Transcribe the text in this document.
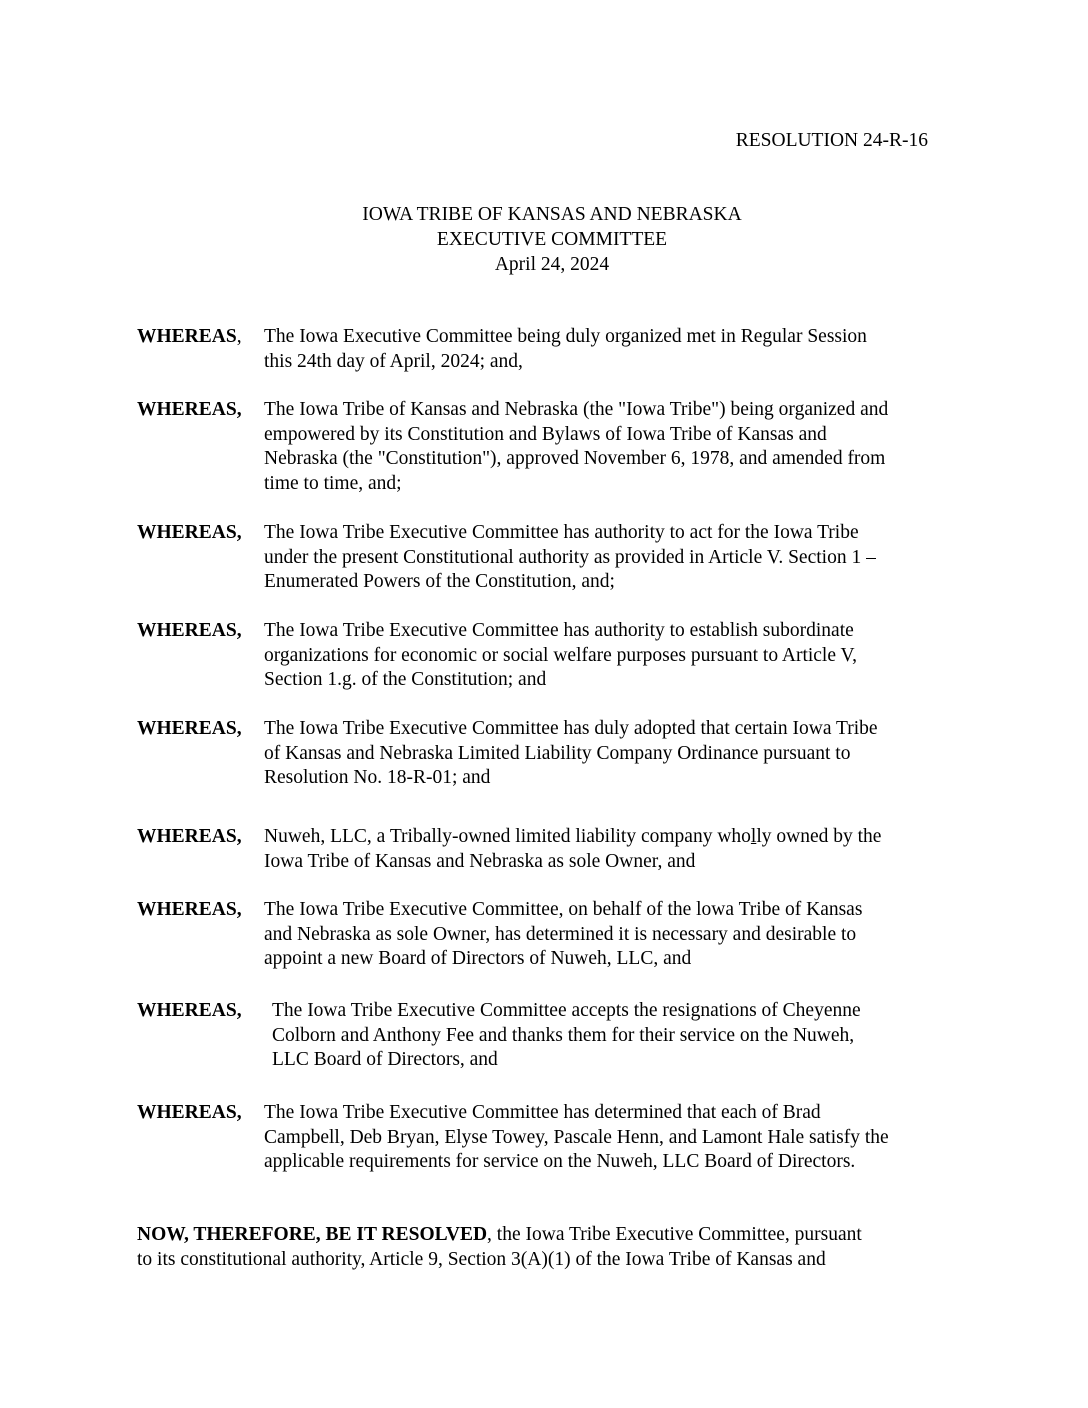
RESOLUTION 24-R-16
IOWA TRIBE OF KANSAS AND NEBRASKA
EXECUTIVE COMMITTEE
April 24, 2024
WHEREAS, The Iowa Executive Committee being duly organized met in Regular Session
this 24th day of April, 2024; and,
WHEREAS, The Iowa Tribe of Kansas and Nebraska (the "Iowa Tribe") being organized and
empowered by its Constitution and Bylaws of Iowa Tribe of Kansas and
Nebraska (the "Constitution"), approved November 6, 1978, and amended from
time to time, and;
WHEREAS, The Iowa Tribe Executive Committee has authority to act for the Iowa Tribe
under the present Constitutional authority as provided in Article V. Section 1 –
Enumerated Powers of the Constitution, and;
WHEREAS, The Iowa Tribe Executive Committee has authority to establish subordinate
organizations for economic or social welfare purposes pursuant to Article V,
Section 1.g. of the Constitution; and
WHEREAS, The Iowa Tribe Executive Committee has duly adopted that certain Iowa Tribe
of Kansas and Nebraska Limited Liability Company Ordinance pursuant to
Resolution No. 18-R-01; and
WHEREAS, Nuweh, LLC, a Tribally-owned limited liability company wholly owned by the
Iowa Tribe of Kansas and Nebraska as sole Owner, and
WHEREAS, The Iowa Tribe Executive Committee, on behalf of the lowa Tribe of Kansas
and Nebraska as sole Owner, has determined it is necessary and desirable to
appoint a new Board of Directors of Nuweh, LLC, and
WHEREAS, The Iowa Tribe Executive Committee accepts the resignations of Cheyenne
Colborn and Anthony Fee and thanks them for their service on the Nuweh,
LLC Board of Directors, and
WHEREAS, The Iowa Tribe Executive Committee has determined that each of Brad
Campbell, Deb Bryan, Elyse Towey, Pascale Henn, and Lamont Hale satisfy the
applicable requirements for service on the Nuweh, LLC Board of Directors.
NOW, THEREFORE, BE IT RESOLVED, the Iowa Tribe Executive Committee, pursuant
to its constitutional authority, Article 9, Section 3(A)(1) of the Iowa Tribe of Kansas and
